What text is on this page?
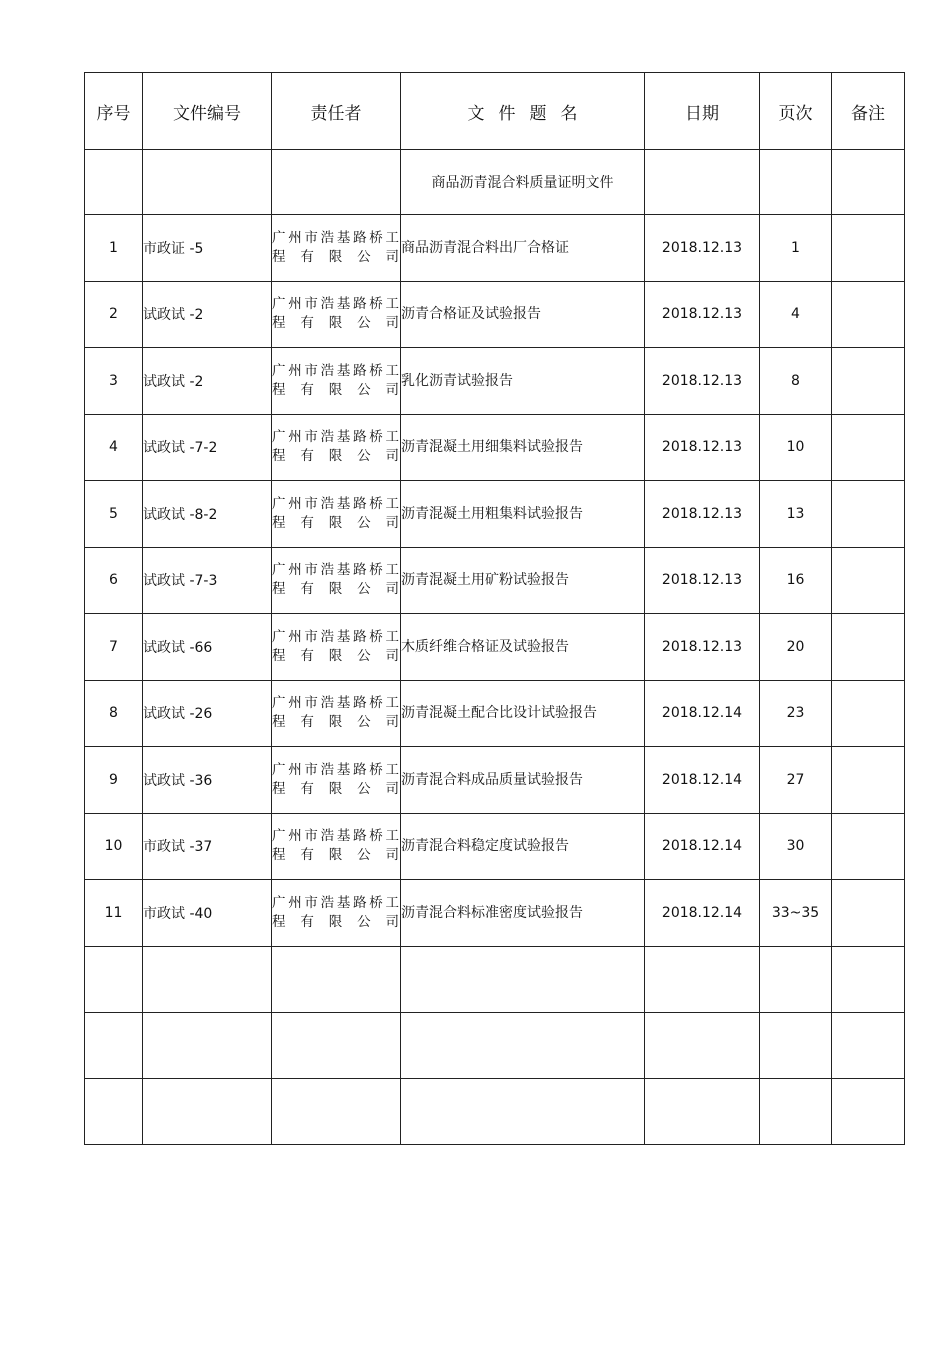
序号	文件编号	责任者	文件题名	日期	页次	备注
			商品沥青混合料质量证明文件			
1	市政证 -5	广州市浩基路桥工程有限公司	商品沥青混合料出厂合格证	2018.12.13	1	
2	试政试 -2	广州市浩基路桥工程有限公司	沥青合格证及试验报告	2018.12.13	4	
3	试政试 -2	广州市浩基路桥工程有限公司	乳化沥青试验报告	2018.12.13	8	
4	试政试 -7-2	广州市浩基路桥工程有限公司	沥青混凝土用细集料试验报告	2018.12.13	10	
5	试政试 -8-2	广州市浩基路桥工程有限公司	沥青混凝土用粗集料试验报告	2018.12.13	13	
6	试政试 -7-3	广州市浩基路桥工程有限公司	沥青混凝土用矿粉试验报告	2018.12.13	16	
7	试政试 -66	广州市浩基路桥工程有限公司	木质纤维合格证及试验报告	2018.12.13	20	
8	试政试 -26	广州市浩基路桥工程有限公司	沥青混凝土配合比设计试验报告	2018.12.14	23	
9	试政试 -36	广州市浩基路桥工程有限公司	沥青混合料成品质量试验报告	2018.12.14	27	
10	市政试 -37	广州市浩基路桥工程有限公司	沥青混合料稳定度试验报告	2018.12.14	30	
11	市政试 -40	广州市浩基路桥工程有限公司	沥青混合料标准密度试验报告	2018.12.14	33~35	
